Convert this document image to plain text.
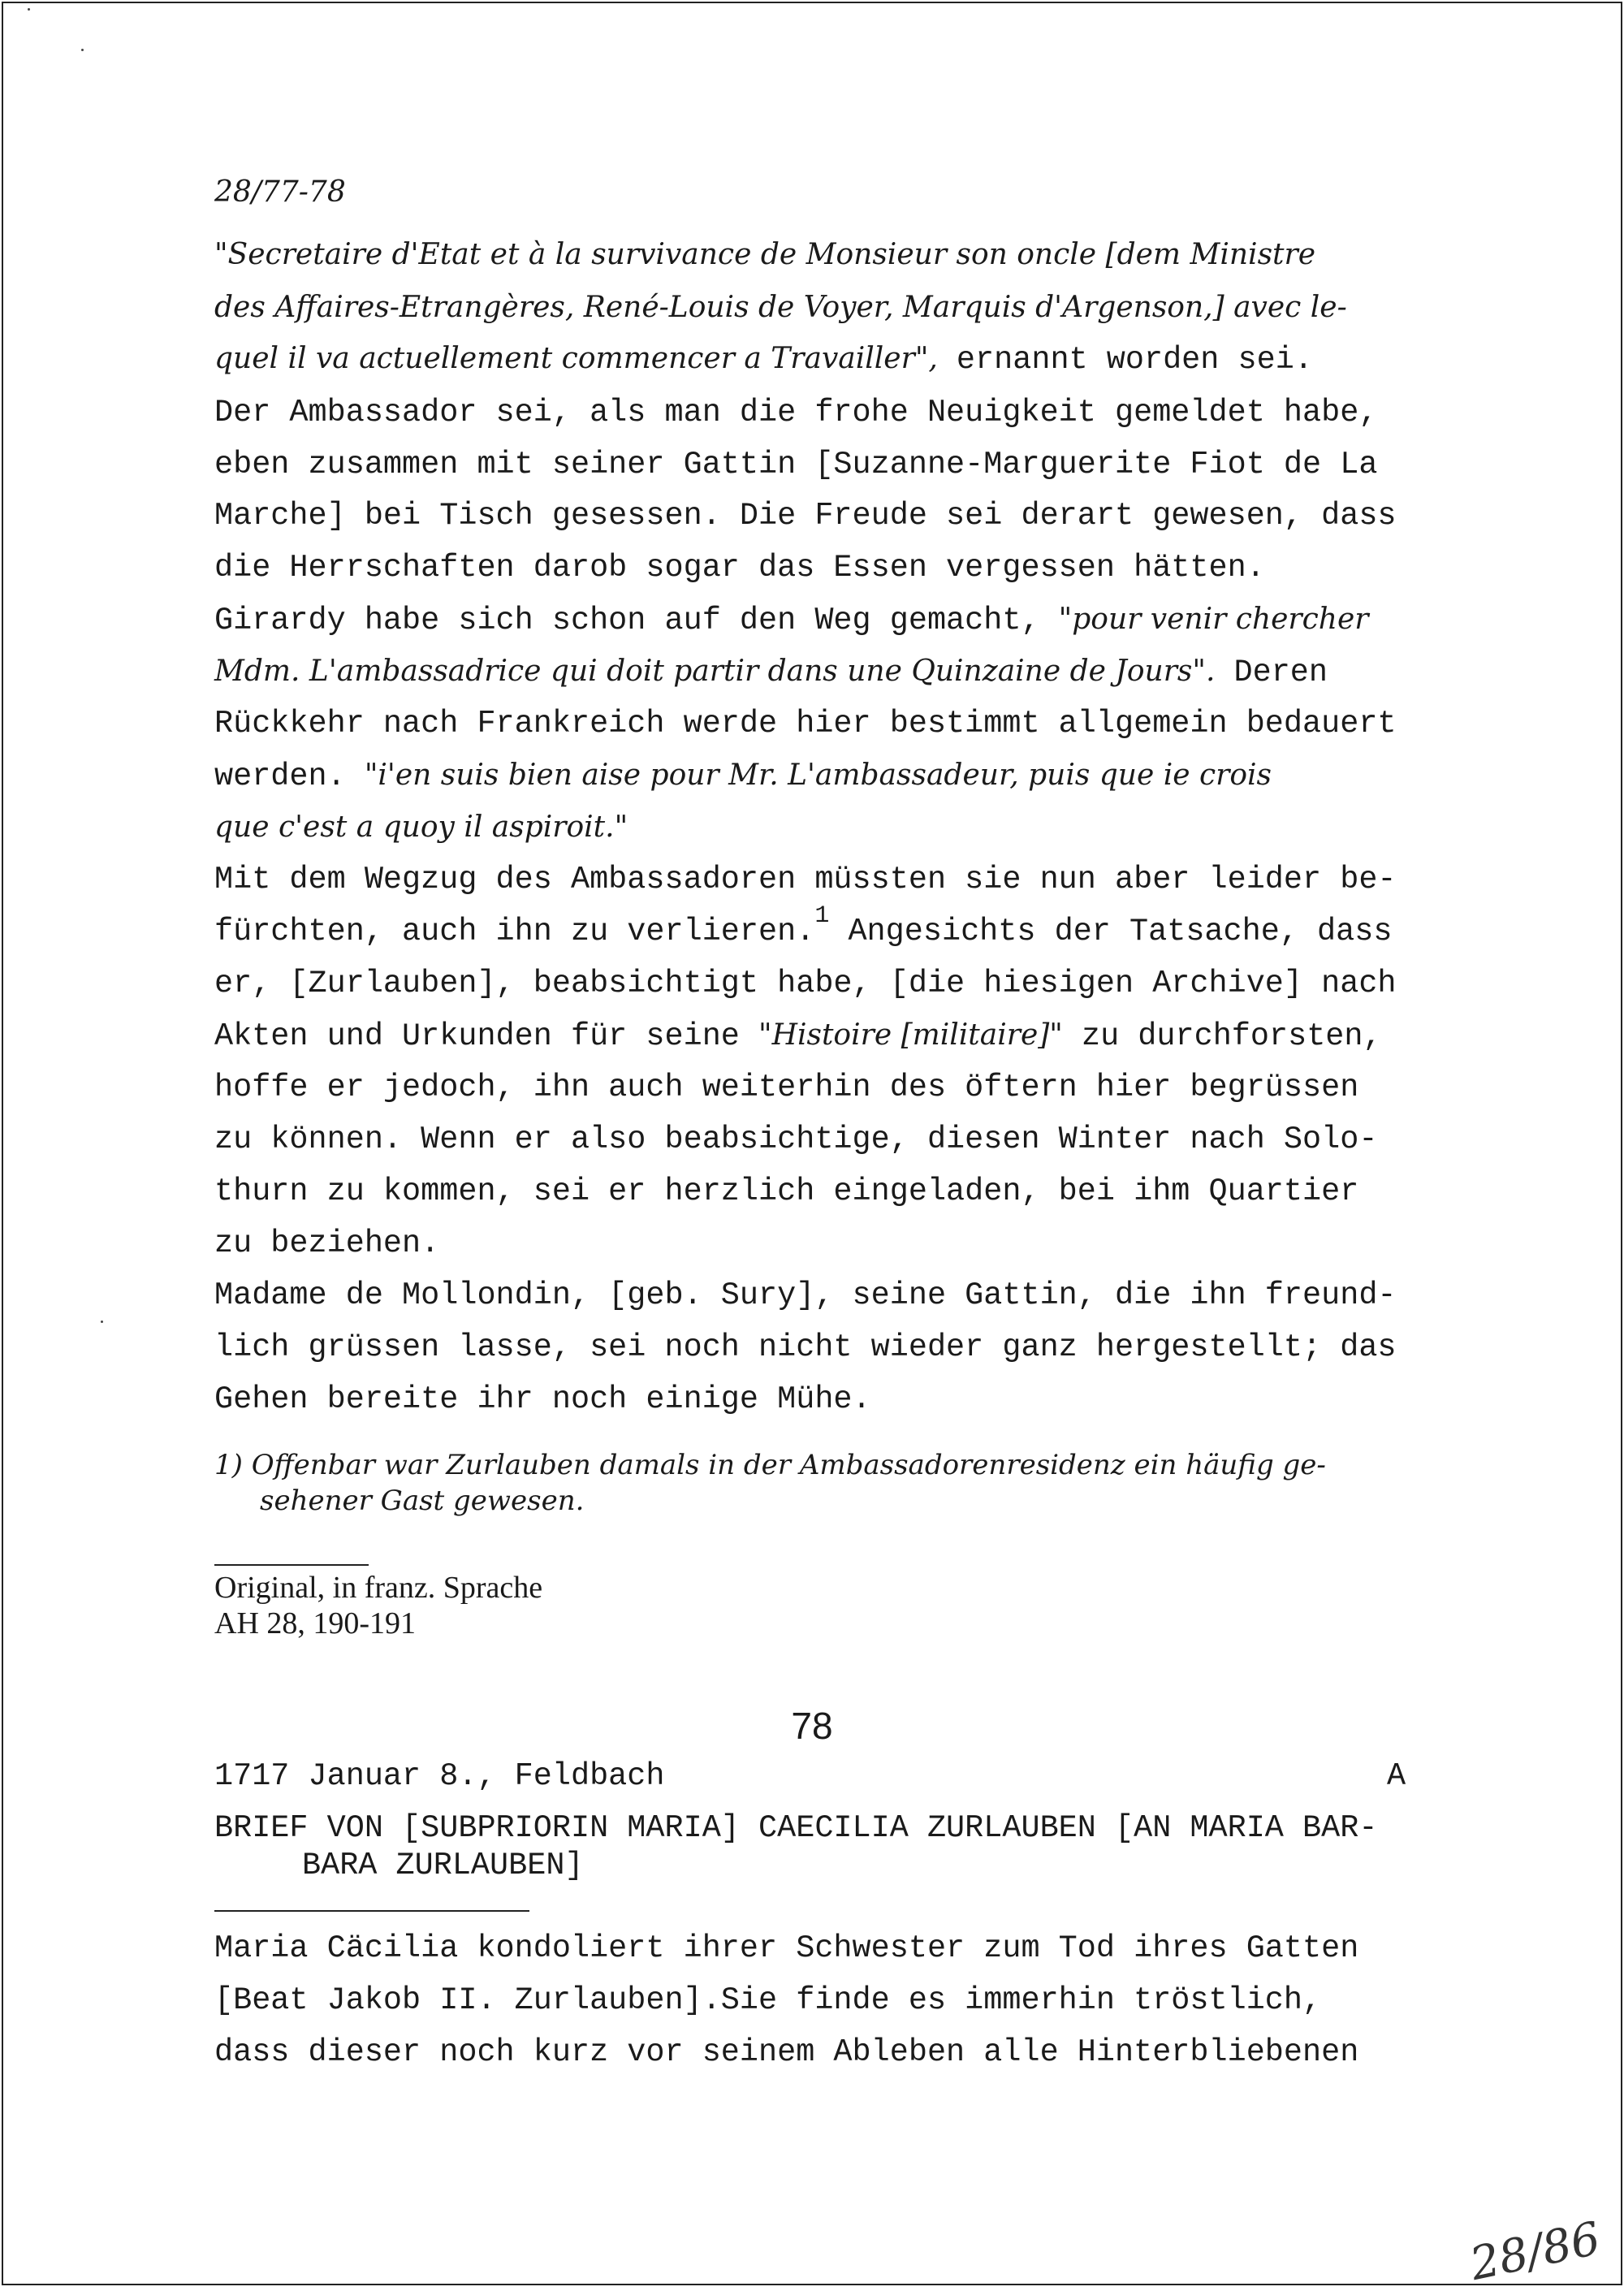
28/77-78
"Secretaire d'Etat et à la survivance de Monsieur son oncle [dem Ministre
des Affaires-Etrangères, René-Louis de Voyer, Marquis d'Argenson,] avec le-
quel il va actuellement commencer a Travailler", ernannt worden sei.
Der Ambassador sei, als man die frohe Neuigkeit gemeldet habe,
eben zusammen mit seiner Gattin [Suzanne-Marguerite Fiot de La
Marche] bei Tisch gesessen. Die Freude sei derart gewesen, dass
die Herrschaften darob sogar das Essen vergessen hätten.
Girardy habe sich schon auf den Weg gemacht, "pour venir chercher
Mdm. L'ambassadrice qui doit partir dans une Quinzaine de Jours". Deren
Rückkehr nach Frankreich werde hier bestimmt allgemein bedauert
werden. "i'en suis bien aise pour Mr. L'ambassadeur, puis que ie crois
que c'est a quoy il aspiroit."
Mit dem Wegzug des Ambassadoren müssten sie nun aber leider be-
fürchten, auch ihn zu verlieren.$^1$ Angesichts der Tatsache, dass
er, [Zurlauben], beabsichtigt habe, [die hiesigen Archive] nach
Akten und Urkunden für seine "Histoire [militaire]" zu durchforsten,
hoffe er jedoch, ihn auch weiterhin des öftern hier begrüssen
zu können. Wenn er also beabsichtige, diesen Winter nach Solo-
thurn zu kommen, sei er herzlich eingeladen, bei ihm Quartier
zu beziehen.
Madame de Mollondin, [geb. Sury], seine Gattin, die ihn freund-
lich grüssen lasse, sei noch nicht wieder ganz hergestellt; das
Gehen bereite ihr noch einige Mühe.
1) Offenbar war Zurlauben damals in der Ambassadorenresidenz ein häufig ge-
sehener Gast gewesen.
Original, in franz. Sprache
AH 28, 190-191
78
1717 Januar 8., Feldbach	A
BRIEF VON [SUBPRIORIN MARIA] CAECILIA ZURLAUBEN [AN MARIA BAR-
BARA ZURLAUBEN]
Maria Cäcilia kondoliert ihrer Schwester zum Tod ihres Gatten
[Beat Jakob II. Zurlauben].Sie finde es immerhin tröstlich,
dass dieser noch kurz vor seinem Ableben alle Hinterbliebenen
28/86
